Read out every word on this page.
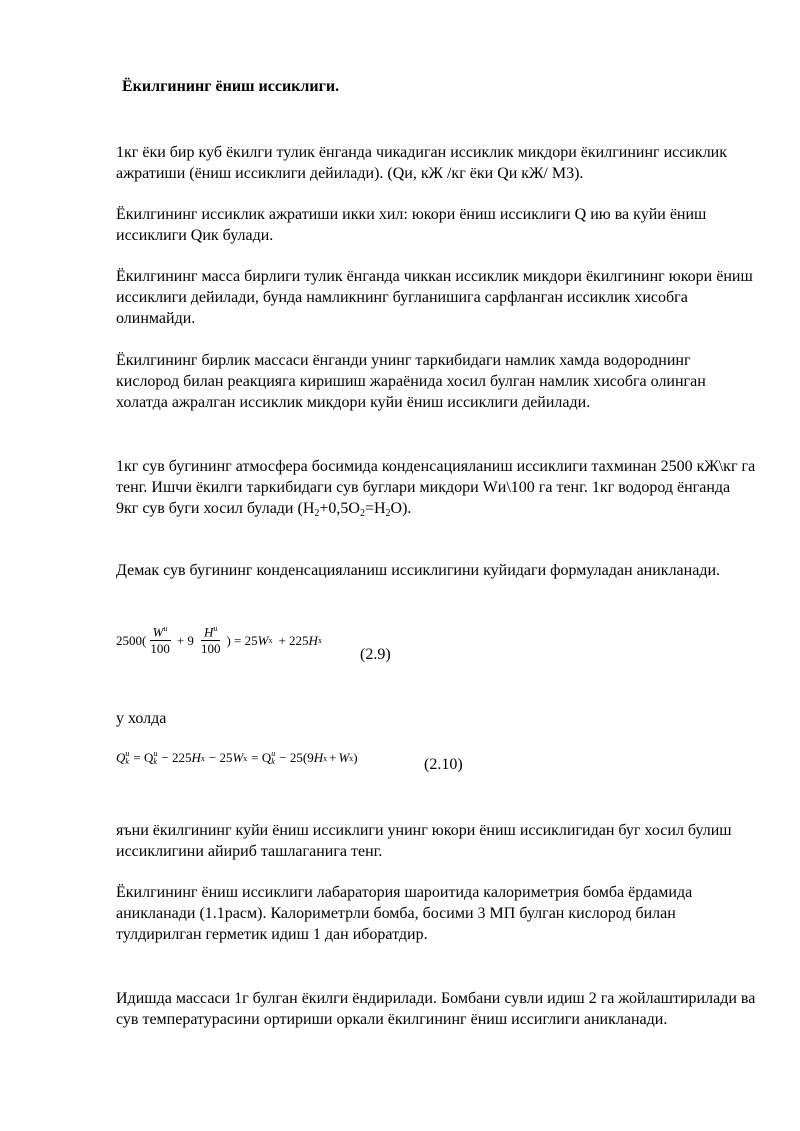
Ёкилгининг ёниш иссиклиги.

1кг ёки бир куб ёкилги тулик ёнганда чикадиган иссиклик микдори ёкилгининг иссиклик ажратиши (ёниш иссиклиги дейилади). (Qи, кЖ /кг ёки Qи кЖ/ М3).

Ёкилгининг иссиклик ажратиши икки хил: юкори ёниш иссиклиги Q ию ва куйи ёниш иссиклиги Qик булади.

Ёкилгининг масса бирлиги тулик ёнганда чиккан иссиклик микдори ёкилгининг юкори ёниш иссиклиги дейилади, бунда намликнинг бугланишига сарфланган иссиклик хисобга олинмайди.

Ёкилгининг бирлик массаси ёнганди унинг таркибидаги намлик хамда водороднинг кислород билан реакцияга киришиш жараёнида хосил булган намлик хисобга олинган холатда ажралган иссиклик микдори куйи ёниш иссиклиги дейилади.

1кг сув бугининг атмосфера босимида конденсацияланиш иссиклиги тахминан 2500 кЖ\кг га тенг. Ишчи ёкилги таркибидаги сув буглари микдори Wи\100 га тенг. 1кг водород ёнганда 9кг сув буги хосил булади (H2+0,5O2=H2O).

Демак сув бугининг конденсацияланиш иссиклигини куйидаги формуладан аникланади.

$2500( \frac{W^u}{100} + 9 \frac{H^u}{100}$ ) = 25 W x + 225 H x
(2.9)

у холда

Q u
k = Q u
k − 225 H x − 25 W x = Q u
k − 25(9 H x + W x )	(2.10)

яъни ёкилгининг куйи ёниш иссиклиги унинг юкори ёниш иссиклигидан буг хосил булиш иссиклигини айириб ташлаганига тенг.

Ёкилгининг ёниш иссиклиги лабаратория шароитида калориметрия бомба ёрдамида аникланади (1.1расм). Калориметрли бомба, босими 3 МП булган кислород билан тулдирилган герметик идиш 1 дан иборатдир.

Идишда массаси 1г булган ёкилги ёндирилади. Бомбани сувли идиш 2 га жойлаштирилади ва сув температурасини ортириши оркали ёкилгининг ёниш иссиглиги аникланади.
